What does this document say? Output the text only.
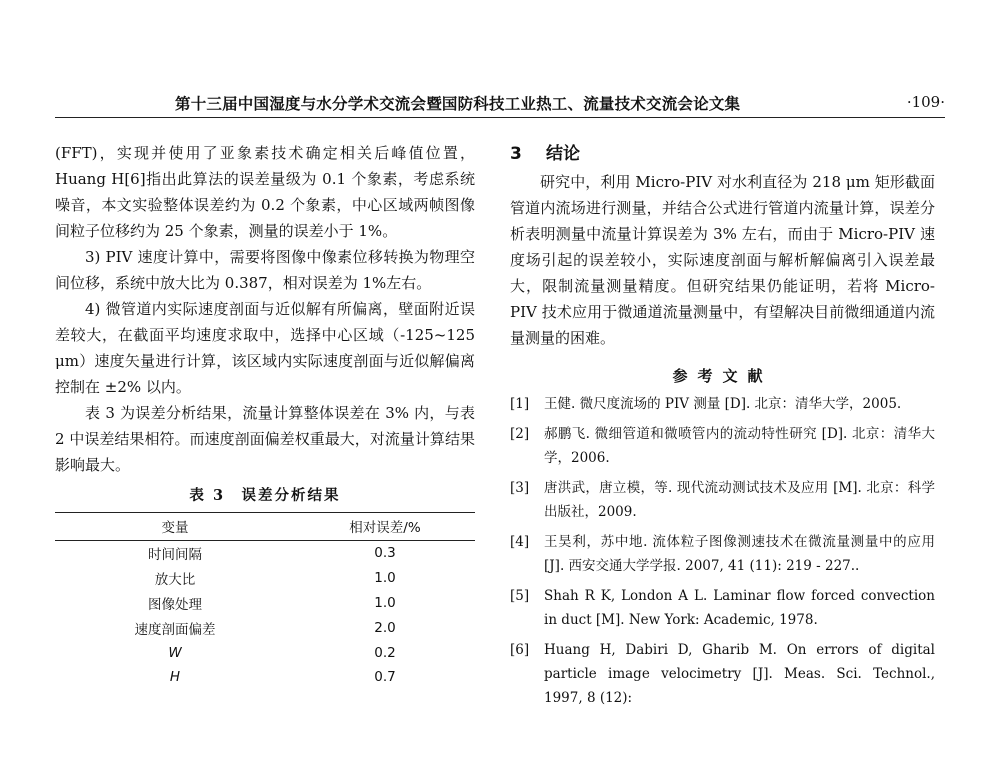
第十三届中国湿度与水分学术交流会暨国防科技工业热工、流量技术交流会论文集	·109·

(FFT)，实现并使用了亚象素技术确定相关后峰值位置，Huang H[6]指出此算法的误差量级为 0.1 个象素，考虑系统噪音，本文实验整体误差约为 0.2 个象素，中心区域两帧图像间粒子位移约为 25 个象素，测量的误差小于 1%。

3) PIV 速度计算中，需要将图像中像素位移转换为物理空间位移，系统中放大比为 0.387，相对误差为 1%左右。

4) 微管道内实际速度剖面与近似解有所偏离，壁面附近误差较大，在截面平均速度求取中，选择中心区域（-125~125 μm）速度矢量进行计算，该区域内实际速度剖面与近似解偏离控制在 ±2% 以内。

表 3 为误差分析结果，流量计算整体误差在 3% 内，与表 2 中误差结果相符。而速度剖面偏差权重最大，对流量计算结果影响最大。

表 3　误差分析结果
变量	相对误差/%
时间间隔	0.3
放大比	1.0
图像处理	1.0
速度剖面偏差	2.0
W	0.2
H	0.7
3 结论

研究中，利用 Micro-PIV 对水利直径为 218 μm 矩形截面管道内流场进行测量，并结合公式进行管道内流量计算，误差分析表明测量中流量计算误差为 3% 左右，而由于 Micro-PIV 速度场引起的误差较小，实际速度剖面与解析解偏离引入误差最大，限制流量测量精度。但研究结果仍能证明，若将 Micro-PIV 技术应用于微通道流量测量中，有望解决目前微细通道内流量测量的困难。

参考文献
[1] 王健. 微尺度流场的 PIV 测量 [D]. 北京：清华大学，2005.
[2] 郝鹏飞. 微细管道和微喷管内的流动特性研究 [D]. 北京：清华大学，2006.
[3] 唐洪武，唐立模，等. 现代流动测试技术及应用 [M]. 北京：科学出版社，2009.
[4] 王昊利，苏中地. 流体粒子图像测速技术在微流量测量中的应用 [J]. 西安交通大学学报. 2007, 41 (11): 219 - 227..
[5] Shah R K, London A L. Laminar flow forced convection in duct [M]. New York: Academic, 1978.
[6] Huang H, Dabiri D, Gharib M. On errors of digital particle image velocimetry [J]. Meas. Sci. Technol., 1997, 8 (12):
